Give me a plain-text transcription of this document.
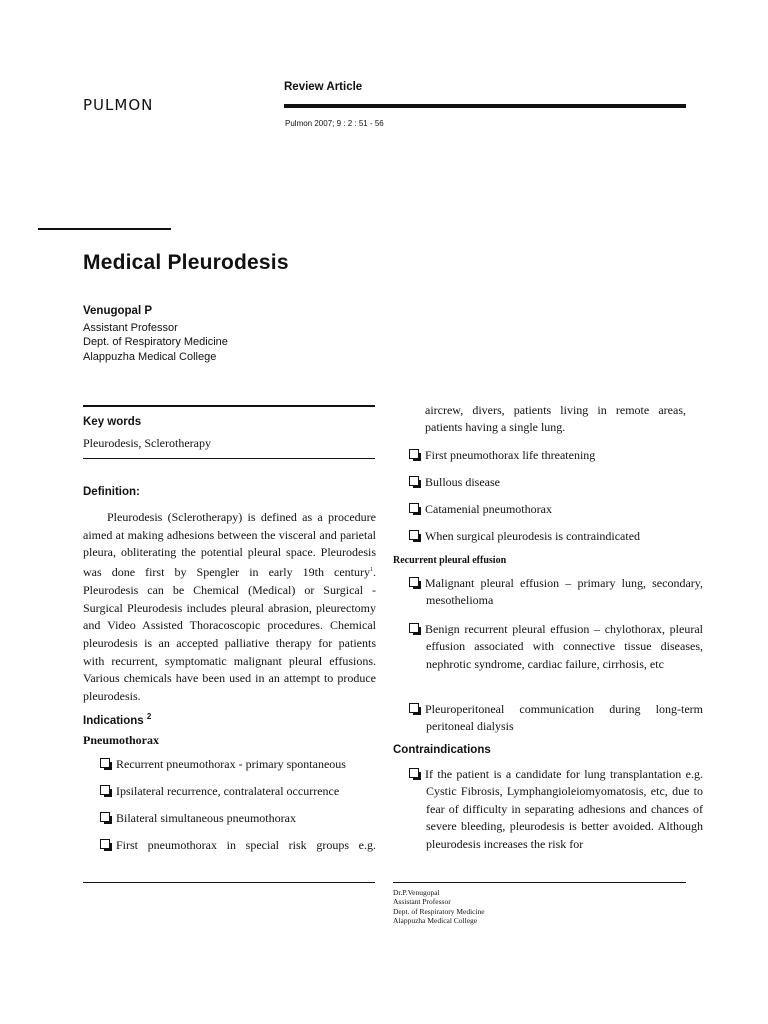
PULMON
Review Article
Pulmon 2007; 9 : 2 : 51 - 56
Medical Pleurodesis
Venugopal P
Assistant Professor
Dept. of Respiratory Medicine
Alappuzha Medical College
Key words
Pleurodesis, Sclerotherapy
Definition:
Pleurodesis (Sclerotherapy) is defined as a procedure aimed at making adhesions between the visceral and parietal pleura, obliterating the potential pleural space. Pleurodesis was done first by Spengler in early 19th century$^1$. Pleurodesis can be Chemical (Medical) or Surgical - Surgical Pleurodesis includes pleural abrasion, pleurectomy and Video Assisted Thoracoscopic procedures. Chemical pleurodesis is an accepted palliative therapy for patients with recurrent, symptomatic malignant pleural effusions. Various chemicals have been used in an attempt to produce pleurodesis.
Indications $^2$
Pneumothorax
Recurrent pneumothorax - primary spontaneous
Ipsilateral recurrence, contralateral occurrence
Bilateral simultaneous pneumothorax
First pneumothorax in special risk groups e.g.
aircrew, divers, patients living in remote areas, patients having a single lung.
First pneumothorax life threatening
Bullous disease
Catamenial pneumothorax
When surgical pleurodesis is contraindicated
Recurrent pleural effusion
Malignant pleural effusion – primary lung, secondary, mesothelioma
Benign recurrent pleural effusion – chylothorax, pleural effusion associated with connective tissue diseases, nephrotic syndrome, cardiac failure, cirrhosis, etc
Pleuroperitoneal communication during long-term peritoneal dialysis
Contraindications
If the patient is a candidate for lung transplantation e.g. Cystic Fibrosis, Lymphangioleiomyomatosis, etc, due to fear of difficulty in separating adhesions and chances of severe bleeding, pleurodesis is better avoided. Although pleurodesis increases the risk for
Dr.P.Venugopal
Assistant Professor
Dept. of Respiratory Medicine
Alappuzha Medical College
